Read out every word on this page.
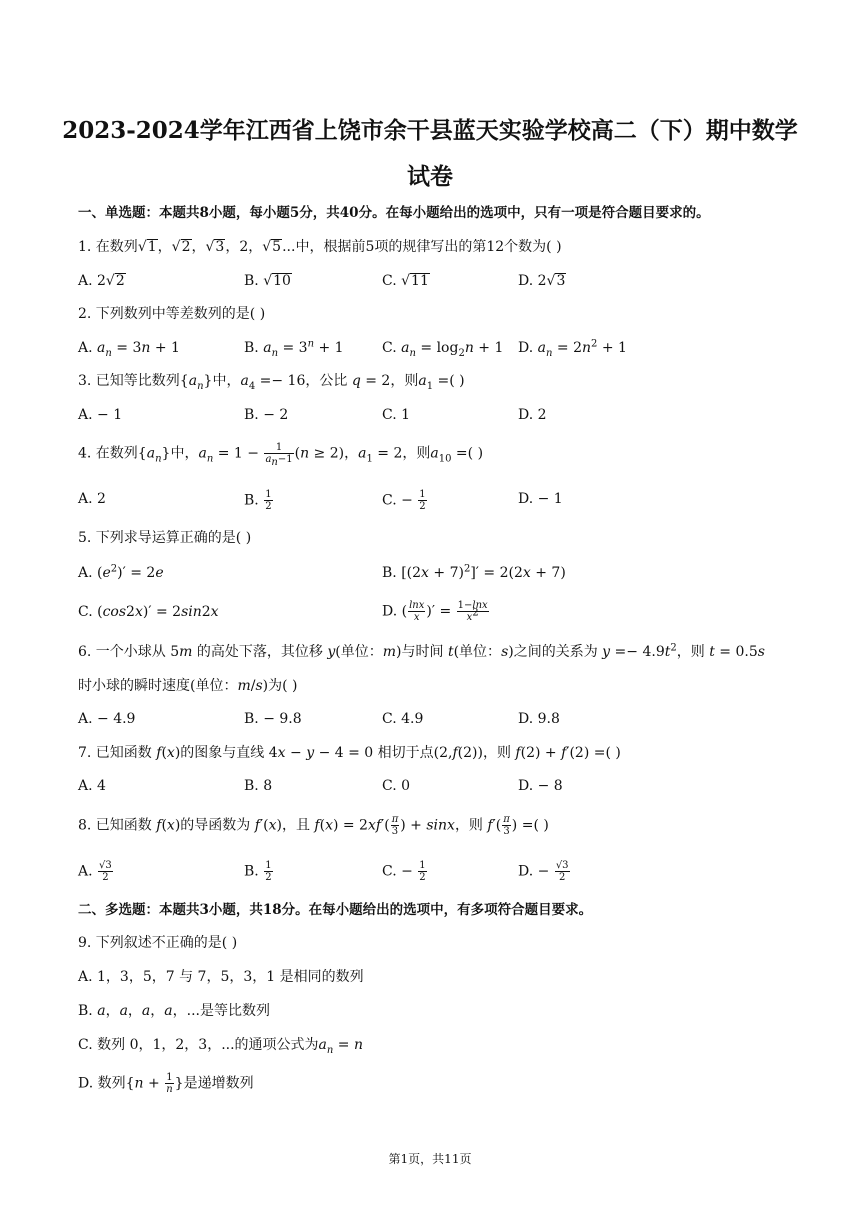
2023-2024学年江西省上饶市余干县蓝天实验学校高二（下）期中数学
试卷
一、单选题：本题共8小题，每小题5分，共40分。在每小题给出的选项中，只有一项是符合题目要求的。
1. 在数列√1，√2，√3，2，√5...中，根据前5项的规律写出的第12个数为( )
A. 2√2	B. √10	C. √11	D. 2√3
2. 下列数列中等差数列的是( )
A. $a_n = 3n + 1$	B. $a_n = 3^n + 1$	C. $a_n = \log_2n + 1$ D. $a_n = 2n^2 + 1$
3. 已知等比数列$\{a_n\}$中，$a_4 =- 16$，公比 q = 2，则$a_1$ =( )
A. − 1	B. − 2	C. 1	D. 2
4. 在数列$\{a_n\}$中，$a_n = 1 - \frac{1}{a_n-1} (n \ge 2)$，$a_1 = 2$，则$a_{10}$ =( )
A. 2	B. $\frac{1}{2}$	C. − $\frac{1}{2}$	D. − 1
5. 下列求导运算正确的是( )
A. $(e^2)' = 2e$	B. $[(2x + 7)^2]' = 2(2x + 7)$
C. (cos2x)′ = 2sin2x	D. ( $\frac{\ln x}{x}$ )′ = $\frac{1-\ln x}{x^2}$
6. 一个小球从 5m 的高处下落，其位移 y(单位：m)与时间 t(单位：s)之间的关系为 $y =- 4.9t^2$，则 t = 0.5s
时小球的瞬时速度(单位：m/s)为( )
A. − 4.9	B. − 9.8	C. 4.9	D. 9.8
7. 已知函数 f(x)的图象与直线 4x − y − 4 = 0 相切于点(2,f(2))，则 f(2) + f′(2) =( )
A. 4	B. 8	C. 0	D. − 8
8. 已知函数 f(x)的导函数为 f′(x)，且 $f(x) = 2xf'( \frac{\pi}{3}$ ) + sinx，则 $f'( \frac{\pi}{3}$ ) =( )
A. $\frac{√3}{2}$	B. $\frac{1}{2}$	C. − $\frac{1}{2}$	D. − $\frac{√3}{2}$
二、多选题：本题共3小题，共18分。在每小题给出的选项中，有多项符合题目要求。
9. 下列叙述不正确的是( )
A. 1，3，5，7 与 7，5，3，1 是相同的数列
B. a，a，a，a，...是等比数列
C. 数列 0，1，2，3，...的通项公式为$a_n = n$
D. 数列{$n + \frac{1}{n}$ }是递增数列
第1页，共11页
